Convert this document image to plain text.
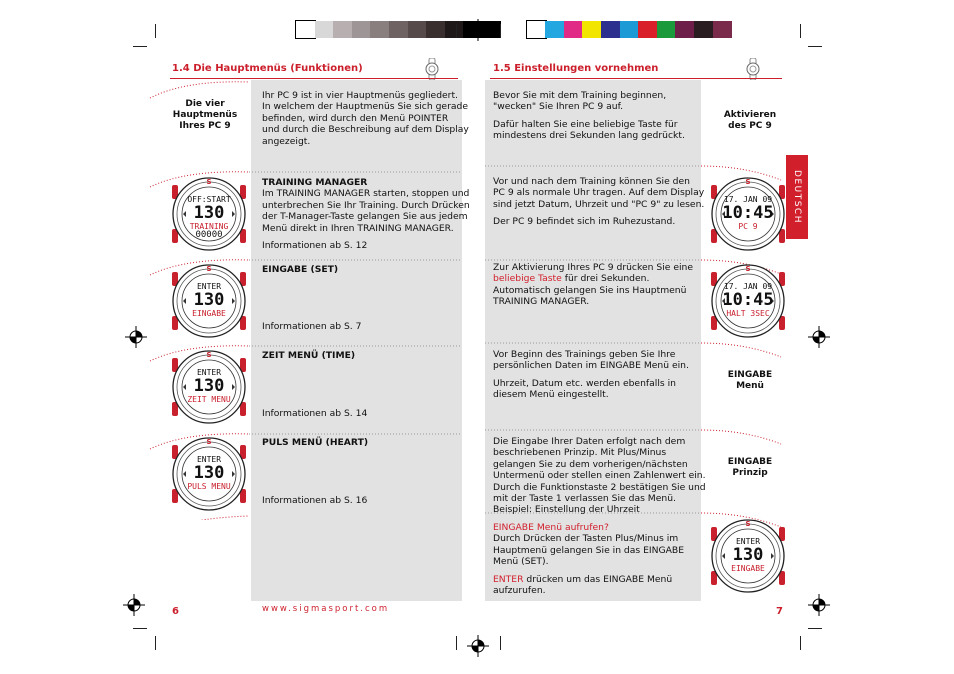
1.4 Die Hauptmenüs (Funktionen)	1.5 Einstellungen vornehmen
Die vier
Hauptmenüs
Ihres PC 9
Ihr PC 9 ist in vier Hauptmenüs gegliedert.
In welchem der Hauptmenüs Sie sich gerade
befinden, wird durch den Menü POINTER
und durch die Beschreibung auf dem Display
angezeigt.
TRAINING MANAGER
Im TRAINING MANAGER starten, stoppen und
unterbrechen Sie Ihr Training. Durch Drücken
der T-Manager-Taste gelangen Sie aus jedem
Menü direkt in Ihren TRAINING MANAGER.
Informationen ab S. 12
EINGABE (SET)
Informationen ab S. 7
ZEIT MENÜ (TIME)
Informationen ab S. 14
PULS MENÜ (HEART)
Informationen ab S. 16
S
OFF:START
130
TRAINING
00000
S
ENTER
130
EINGABE
S
ENTER
130
ZEIT MENU
S
ENTER
130
PULS MENU
Bevor Sie mit dem Training beginnen,
"wecken" Sie Ihren PC 9 auf.
Dafür halten Sie eine beliebige Taste für
mindestens drei Sekunden lang gedrückt.
Vor und nach dem Training können Sie den
PC 9 als normale Uhr tragen. Auf dem Display
sind jetzt Datum, Uhrzeit und "PC 9" zu lesen.
Der PC 9 befindet sich im Ruhezustand.
Zur Aktivierung Ihres PC 9 drücken Sie eine
beliebige Taste für drei Sekunden.
Automatisch gelangen Sie ins Hauptmenü
TRAINING MANAGER.
Vor Beginn des Trainings geben Sie Ihre
persönlichen Daten im EINGABE Menü ein.
Uhrzeit, Datum etc. werden ebenfalls in
diesem Menü eingestellt.
Die Eingabe Ihrer Daten erfolgt nach dem
beschriebenen Prinzip. Mit Plus/Minus
gelangen Sie zu dem vorherigen/nächsten
Untermenü oder stellen einen Zahlenwert ein.
Durch die Funktionstaste 2 bestätigen Sie und
mit der Taste 1 verlassen Sie das Menü.
Beispiel: Einstellung der Uhrzeit
EINGABE Menü aufrufen?
Durch Drücken der Tasten Plus/Minus im
Hauptmenü gelangen Sie in das EINGABE
Menü (SET).
ENTER drücken um das EINGABE Menü
aufzurufen.
Aktivieren
des PC 9
EINGABE
Menü
EINGABE
Prinzip
S
17. JAN 09
10:45
PC 9
S
17. JAN 09
10:45
HALT 3SEC
S
ENTER
130
EINGABE
DEUTSCH
6	www.sigmasport.com	7
